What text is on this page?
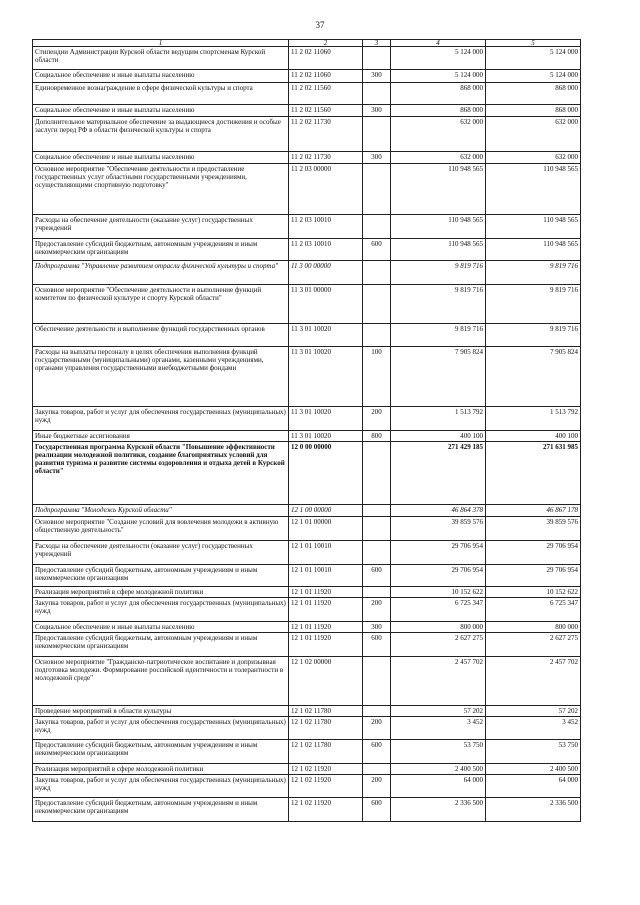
37
1	2	3	4	5
Стипендии Администрации Курской области ведущим спортсменам Курской области	11 2 02 11060		5 124 000	5 124 000
Социальное обеспечение и иные выплаты населению	11 2 02 11060	300	5 124 000	5 124 000
Единовременное вознаграждение в сфере физической культуры и спорта	11 2 02 11560		868 000	868 000
Социальное обеспечение и иные выплаты населению	11 2 02 11560	300	868 000	868 000
Дополнительное материальное обеспечение за выдающиеся достижения и особые заслуги перед РФ в области физической культуры и спорта	11 2 02 11730		632 000	632 000
Социальное обеспечение и иные выплаты населению	11 2 02 11730	300	632 000	632 000
Основное мероприятие "Обеспечение деятельности и предоставление государственных услуг областными государственными учреждениями, осуществляющими спортивную подготовку"	11 2 03 00000		110 948 565	110 948 565
Расходы на обеспечение деятельности (оказание услуг) государственных учреждений	11 2 03 10010		110 948 565	110 948 565
Предоставление субсидий бюджетным, автономным учреждениям и иным некоммерческим организациям	11 2 03 10010	600	110 948 565	110 948 565
Подпрограмма "Управление развитием отрасли физической культуры и спорта"	11 3 00 00000		9 819 716	9 819 716
Основное мероприятие "Обеспечение деятельности и выполнение функций комитетом по физической культуре и спорту Курской области"	11 3 01 00000		9 819 716	9 819 716
Обеспечение деятельности и выполнение функций государственных органов	11 3 01 10020		9 819 716	9 819 716
Расходы на выплаты персоналу в целях обеспечения выполнения функций государственными (муниципальными) органами, казенными учреждениями, органами управления государственными внебюджетными фондами	11 3 01 10020	100	7 905 824	7 905 824
Закупка товаров, работ и услуг для обеспечения государственных (муниципальных) нужд	11 3 01 10020	200	1 513 792	1 513 792
Иные бюджетные ассигнования	11 3 01 10020	800	400 100	400 100
Государственная программа Курской области "Повышение эффективности реализации молодежной политики, создание благоприятных условий для развития туризма и развитие системы оздоровления и отдыха детей в Курской области"	12 0 00 00000		271 429 185	271 631 985
Подпрограмма "Молодежь Курской области"	12 1 00 00000		46 864 378	46 867 178
Основное мероприятие "Создание условий для вовлечения молодежи в активную общественную деятельность"	12 1 01 00000		39 859 576	39 859 576
Расходы на обеспечение деятельности (оказание услуг) государственных учреждений	12 1 01 10010		29 706 954	29 706 954
Предоставление субсидий бюджетным, автономным учреждениям и иным некоммерческим организациям	12 1 01 10010	600	29 706 954	29 706 954
Реализация мероприятий в сфере молодежной политики	12 1 01 11920		10 152 622	10 152 622
Закупка товаров, работ и услуг для обеспечения государственных (муниципальных) нужд	12 1 01 11920	200	6 725 347	6 725 347
Социальное обеспечение и иные выплаты населению	12 1 01 11920	300	800 000	800 000
Предоставление субсидий бюджетным, автономным учреждениям и иным некоммерческим организациям	12 1 01 11920	600	2 627 275	2 627 275
Основное мероприятие "Гражданско-патриотическое воспитание и допризывная подготовка молодежи. Формирование российской идентичности и толерантности в молодежной среде"	12 1 02 00000		2 457 702	2 457 702
Проведение мероприятий в области культуры	12 1 02 11780		57 202	57 202
Закупка товаров, работ и услуг для обеспечения государственных (муниципальных) нужд	12 1 02 11780	200	3 452	3 452
Предоставление субсидий бюджетным, автономным учреждениям и иным некоммерческим организациям	12 1 02 11780	600	53 750	53 750
Реализация мероприятий в сфере молодежной политики	12 1 02 11920		2 400 500	2 400 500
Закупка товаров, работ и услуг для обеспечения государственных (муниципальных) нужд	12 1 02 11920	200	64 000	64 000
Предоставление субсидий бюджетным, автономным учреждениям и иным некоммерческим организациям	12 1 02 11920	600	2 336 500	2 336 500
